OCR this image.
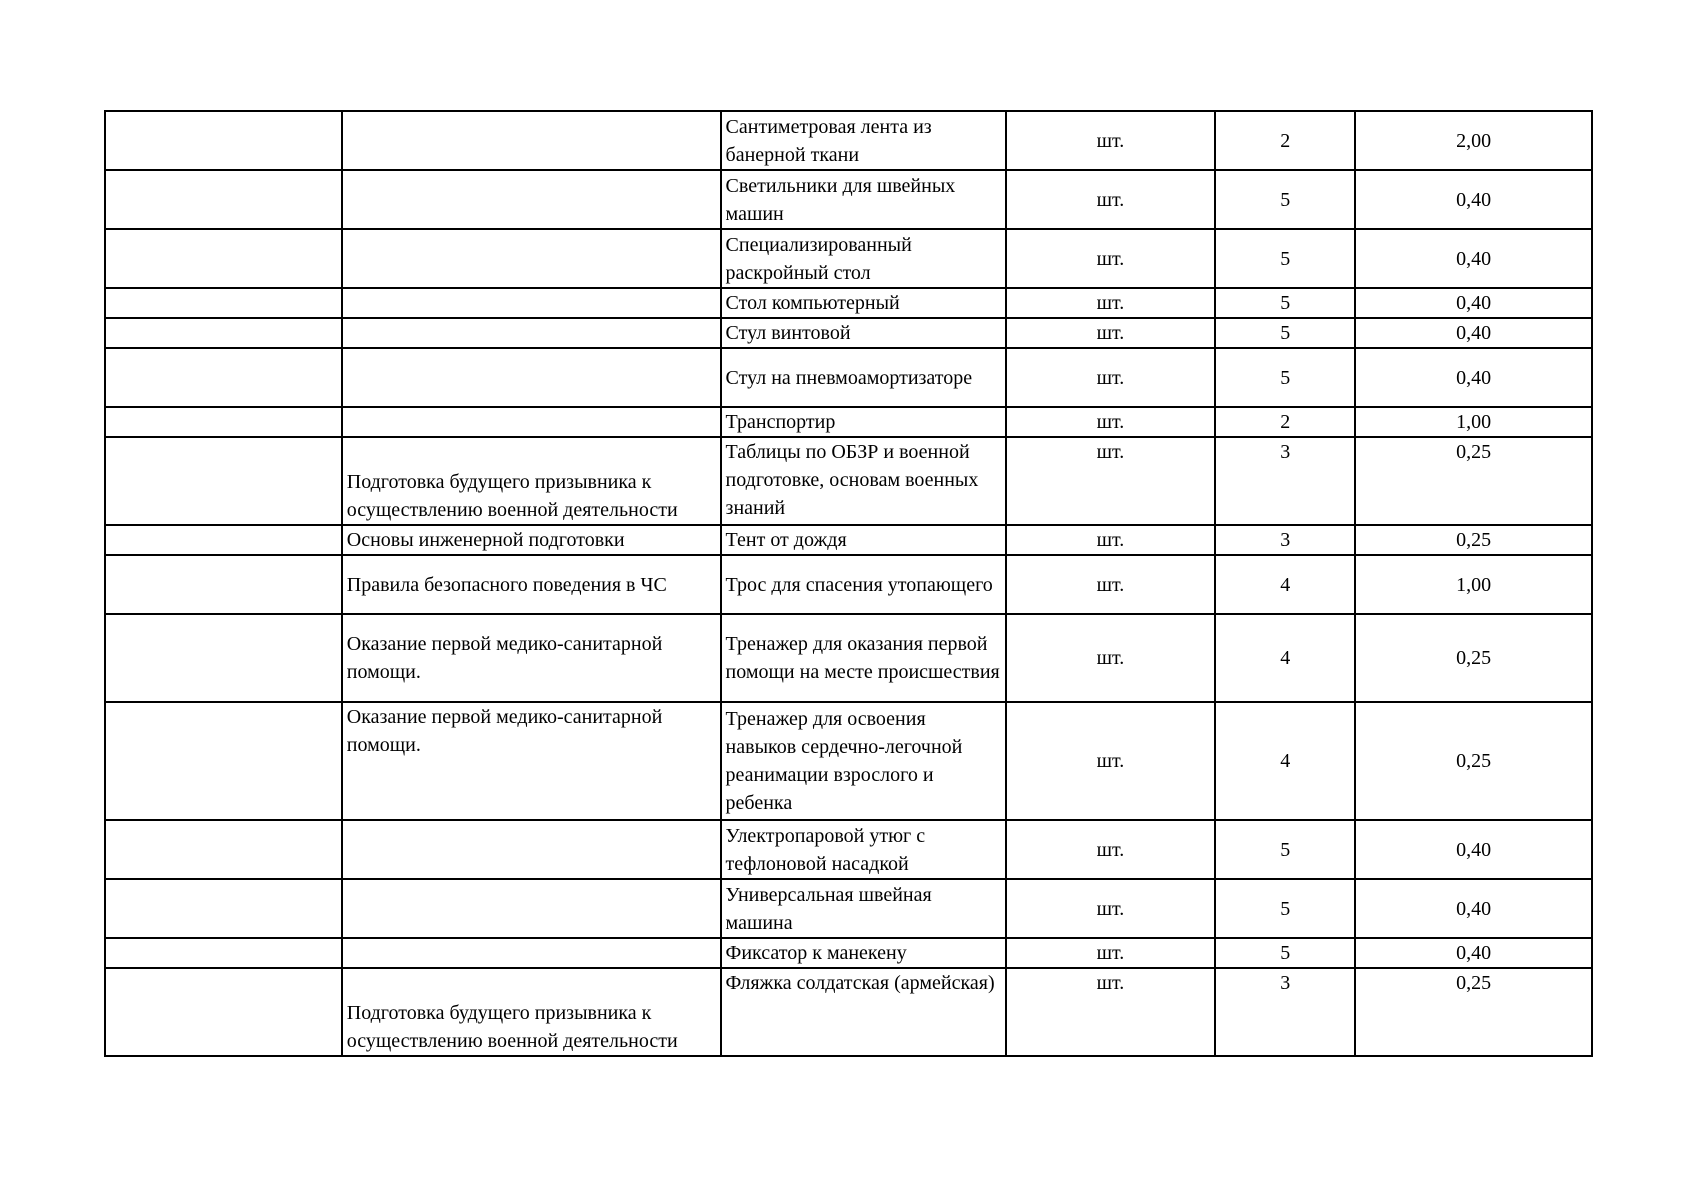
		Сантиметровая лента из банерной ткани	шт.	2	2,00
		Светильники для швейных машин	шт.	5	0,40
		Специализированный раскройный стол	шт.	5	0,40
		Стол компьютерный	шт.	5	0,40
		Стул винтовой	шт.	5	0,40
		Стул на пневмоамортизаторе	шт.	5	0,40
		Транспортир	шт.	2	1,00
	Подготовка будущего призывника к осуществлению военной деятельности	Таблицы по ОБЗР и военной подготовке, основам военных знаний	шт.	3	0,25
	Основы инженерной подготовки	Тент от дождя	шт.	3	0,25
	Правила безопасного поведения в ЧС	Трос для спасения утопающего	шт.	4	1,00
	Оказание первой медико-санитарной помощи.	Тренажер для оказания первой помощи на месте происшествия	шт.	4	0,25
	Оказание первой медико-санитарной помощи.	Тренажер для освоения навыков сердечно-легочной реанимации взрослого и ребенка	шт.	4	0,25
		Улектропаровой утюг с тефлоновой насадкой	шт.	5	0,40
		Универсальная швейная машина	шт.	5	0,40
		Фиксатор к манекену	шт.	5	0,40
	Подготовка будущего призывника к осуществлению военной деятельности	Фляжка солдатская (армейская)	шт.	3	0,25
